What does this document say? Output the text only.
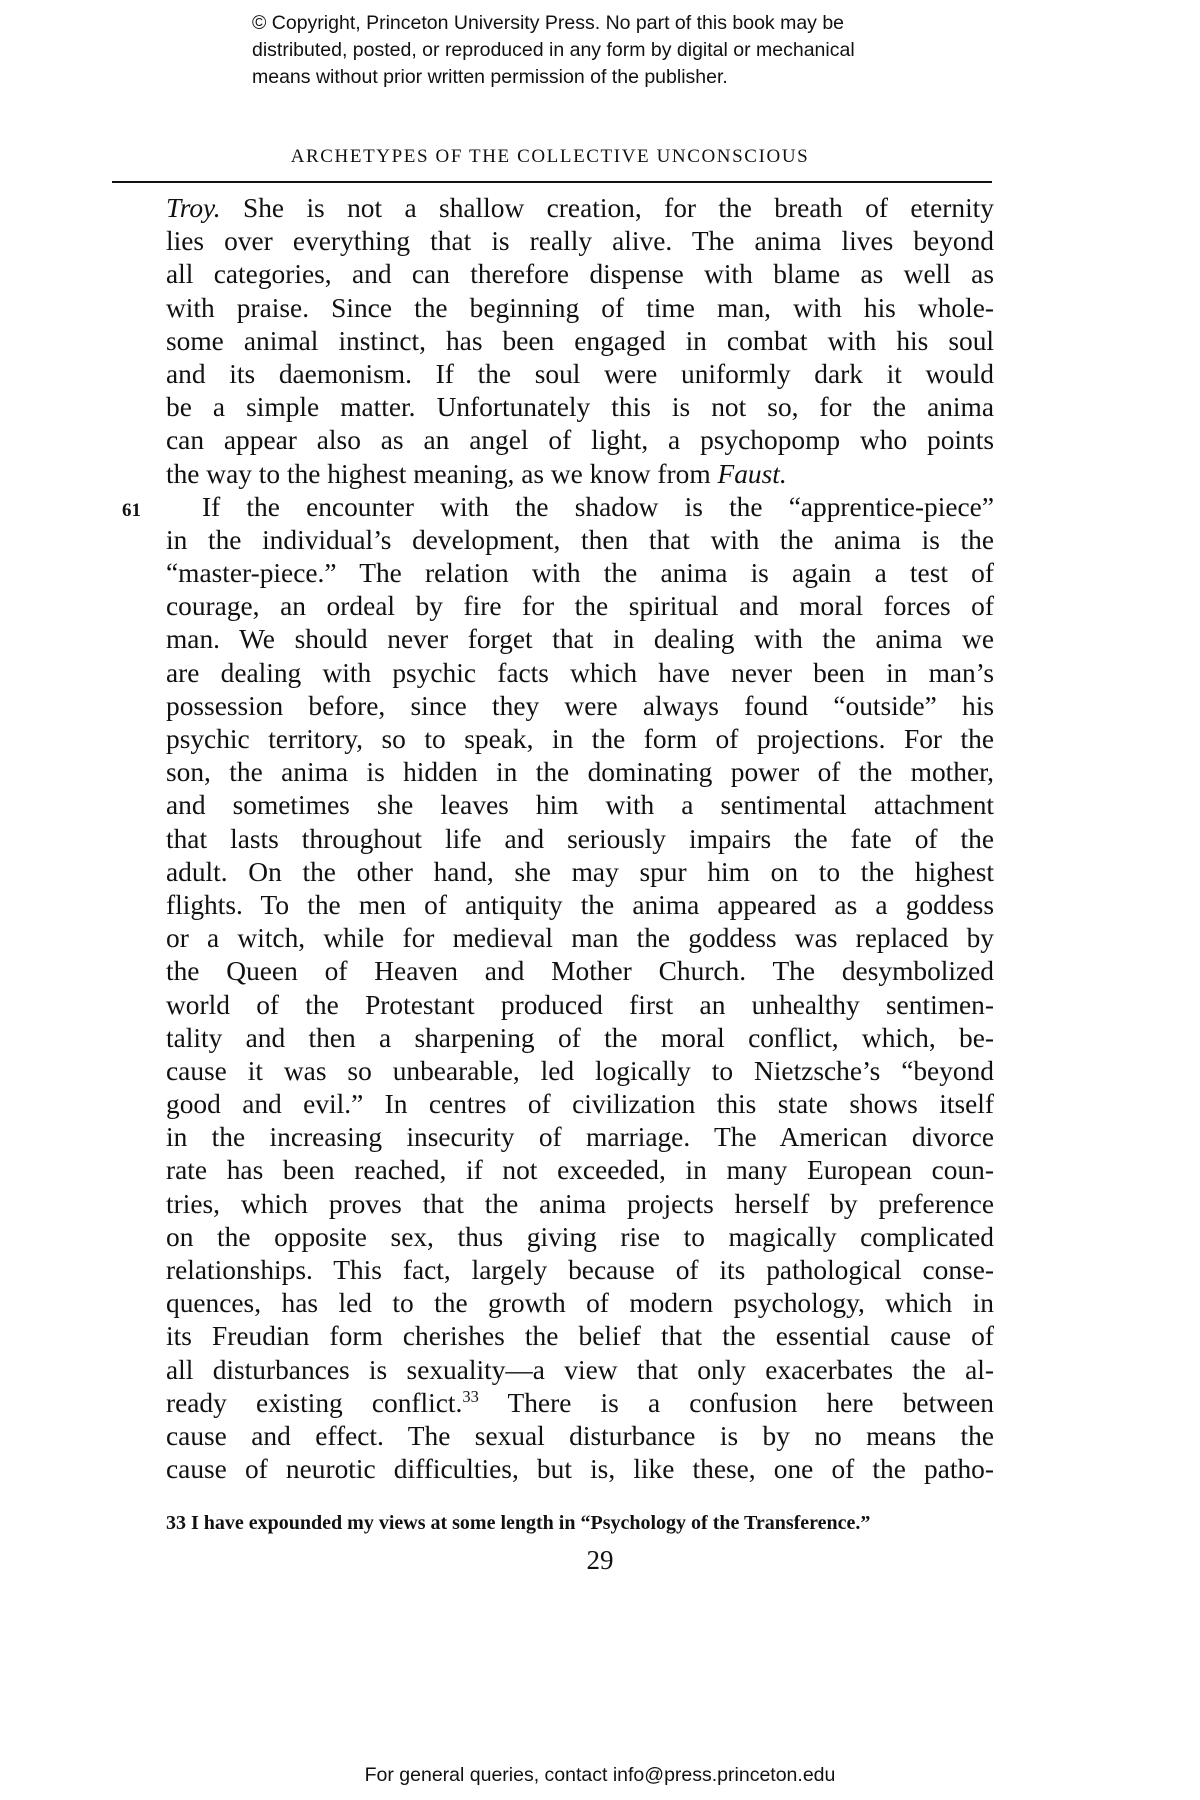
© Copyright, Princeton University Press. No part of this book may be
distributed, posted, or reproduced in any form by digital or mechanical
means without prior written permission of the publisher.
ARCHETYPES OF THE COLLECTIVE UNCONSCIOUS
61
Troy. She is not a shallow creation, for the breath of eternity
lies over everything that is really alive. The anima lives beyond
all categories, and can therefore dispense with blame as well as
with praise. Since the beginning of time man, with his whole-
some animal instinct, has been engaged in combat with his soul
and its daemonism. If the soul were uniformly dark it would
be a simple matter. Unfortunately this is not so, for the anima
can appear also as an angel of light, a psychopomp who points
the way to the highest meaning, as we know from Faust.
If the encounter with the shadow is the “apprentice-piece”
in the individual’s development, then that with the anima is the
“master-piece.” The relation with the anima is again a test of
courage, an ordeal by fire for the spiritual and moral forces of
man. We should never forget that in dealing with the anima we
are dealing with psychic facts which have never been in man’s
possession before, since they were always found “outside” his
psychic territory, so to speak, in the form of projections. For the
son, the anima is hidden in the dominating power of the mother,
and sometimes she leaves him with a sentimental attachment
that lasts throughout life and seriously impairs the fate of the
adult. On the other hand, she may spur him on to the highest
flights. To the men of antiquity the anima appeared as a goddess
or a witch, while for medieval man the goddess was replaced by
the Queen of Heaven and Mother Church. The desymbolized
world of the Protestant produced first an unhealthy sentimen-
tality and then a sharpening of the moral conflict, which, be-
cause it was so unbearable, led logically to Nietzsche’s “beyond
good and evil.” In centres of civilization this state shows itself
in the increasing insecurity of marriage. The American divorce
rate has been reached, if not exceeded, in many European coun-
tries, which proves that the anima projects herself by preference
on the opposite sex, thus giving rise to magically complicated
relationships. This fact, largely because of its pathological conse-
quences, has led to the growth of modern psychology, which in
its Freudian form cherishes the belief that the essential cause of
all disturbances is sexuality—a view that only exacerbates the al-
ready existing conflict.$^{33}$ There is a confusion here between
cause and effect. The sexual disturbance is by no means the
cause of neurotic difficulties, but is, like these, one of the patho-
33 I have expounded my views at some length in “Psychology of the Transference.”
29
For general queries, contact info@press.princeton.edu
